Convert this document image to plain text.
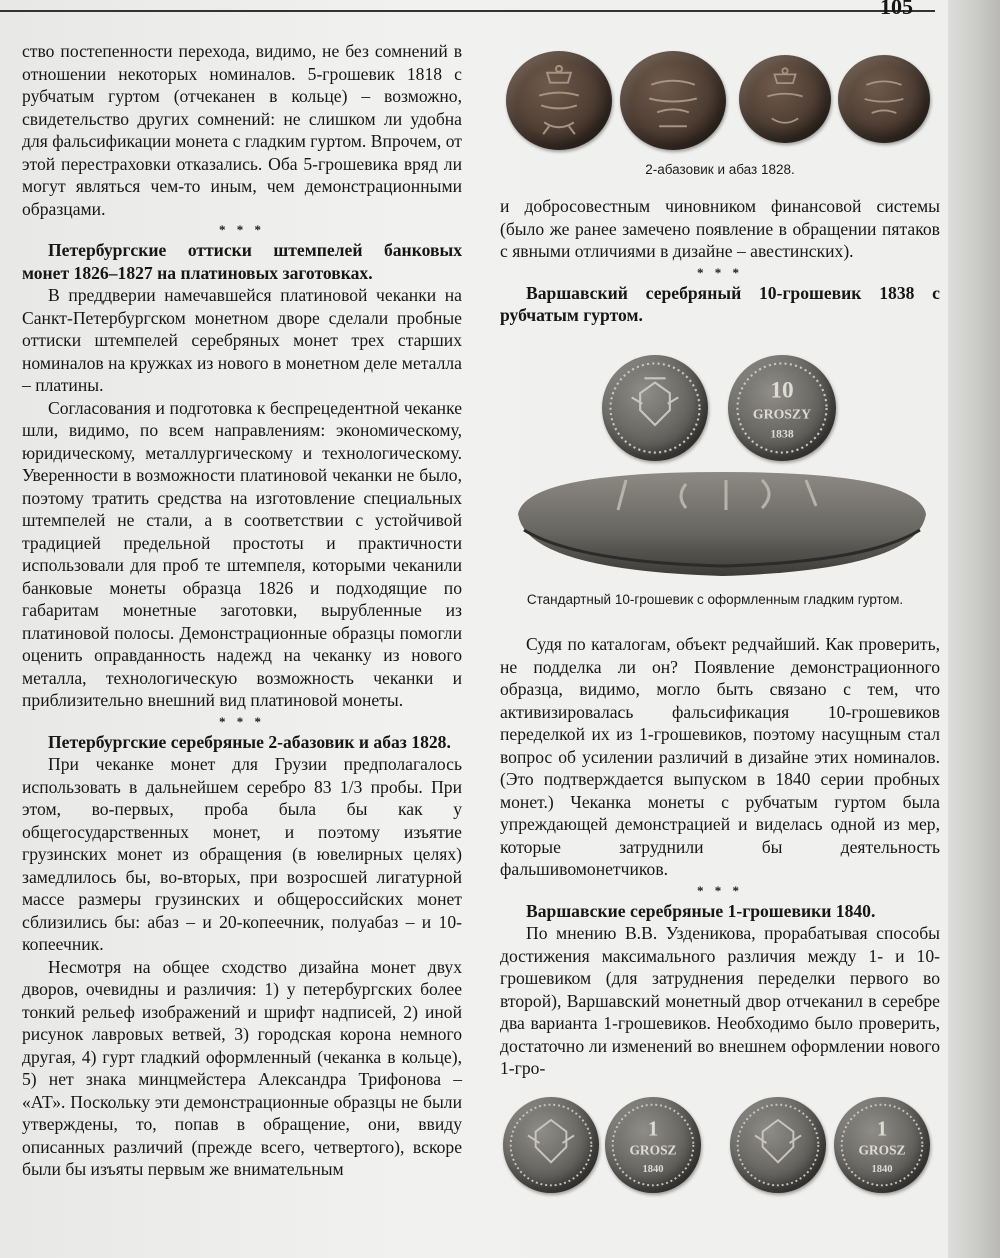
105

ство постепенности перехода, видимо, не без сомнений в отношении некоторых номиналов. 5-грошевик 1818 с рубчатым гуртом (отчеканен в кольце) – возможно, свидетельство других сомнений: не слишком ли удобна для фальсификации монета с гладким гуртом. Впрочем, от этой перестраховки отказались. Оба 5-грошевика вряд ли могут являться чем-то иным, чем демонстрационными образцами.

* * *
Петербургские оттиски штемпелей банковых монет 1826–1827 на платиновых заготовках.

В преддверии намечавшейся платиновой чеканки на Санкт-Петербургском монетном дворе сделали пробные оттиски штемпелей серебряных монет трех старших номиналов на кружках из нового в монетном деле металла – платины.

Согласования и подготовка к беспрецедентной чеканке шли, видимо, по всем направлениям: экономическому, юридическому, металлургическому и технологическому. Уверенности в возможности платиновой чеканки не было, поэтому тратить средства на изготовление специальных штемпелей не стали, а в соответствии с устойчивой традицией предельной простоты и практичности использовали для проб те штемпеля, которыми чеканили банковые монеты образца 1826 и подходящие по габаритам монетные заготовки, вырубленные из платиновой полосы. Демонстрационные образцы помогли оценить оправданность надежд на чеканку из нового металла, технологическую возможность чеканки и приблизительно внешний вид платиновой монеты.

* * *
Петербургские серебряные 2-абазовик и абаз 1828.

При чеканке монет для Грузии предполагалось использовать в дальнейшем серебро 83 1/3 пробы. При этом, во-первых, проба была бы как у общегосударственных монет, и поэтому изъятие грузинских монет из обращения (в ювелирных целях) замедлилось бы, во-вторых, при возросшей лигатурной массе размеры грузинских и общероссийских монет сблизились бы: абаз – и 20-копеечник, полуабаз – и 10-копеечник.

Несмотря на общее сходство дизайна монет двух дворов, очевидны и различия: 1) у петербургских более тонкий рельеф изображений и шрифт надписей, 2) иной рисунок лавровых ветвей, 3) городская корона немного другая, 4) гурт гладкий оформленный (чеканка в кольце), 5) нет знака минцмейстера Александра Трифонова – «АТ». Поскольку эти демонстрационные образцы не были утверждены, то, попав в обращение, они, ввиду описанных различий (прежде всего, четвертого), вскоре были бы изъяты первым же внимательным

2-абазовик и абаз 1828.

и добросовестным чиновником финансовой системы (было же ранее замечено появление в обращении пятаков с явными отличиями в дизайне – авестинских).

* * *
Варшавский серебряный 10-грошевик 1838 с рубчатым гуртом.
10
GROSZY
1838
Стандартный 10-грошевик с оформленным гладким гуртом.

Судя по каталогам, объект редчайший. Как проверить, не подделка ли он? Появление демонстрационного образца, видимо, могло быть связано с тем, что активизировалась фальсификация 10-грошевиков переделкой их из 1-грошевиков, поэтому насущным стал вопрос об усилении различий в дизайне этих номиналов. (Это подтверждается выпуском в 1840 серии пробных монет.) Чеканка монеты с рубчатым гуртом была упреждающей демонстрацией и виделась одной из мер, которые затруднили бы деятельность фальшивомонетчиков.

* * *
Варшавские серебряные 1-грошевики 1840.

По мнению В.В. Узденикова, прорабатывая способы достижения максимального различия между 1- и 10-грошевиком (для затруднения переделки первого во второй), Варшавский монетный двор отчеканил в серебре два варианта 1-грошевиков. Необходимо было проверить, достаточно ли изменений во внешнем оформлении нового 1-гро-

1
GROSZ
1840
1
GROSZ
1840
